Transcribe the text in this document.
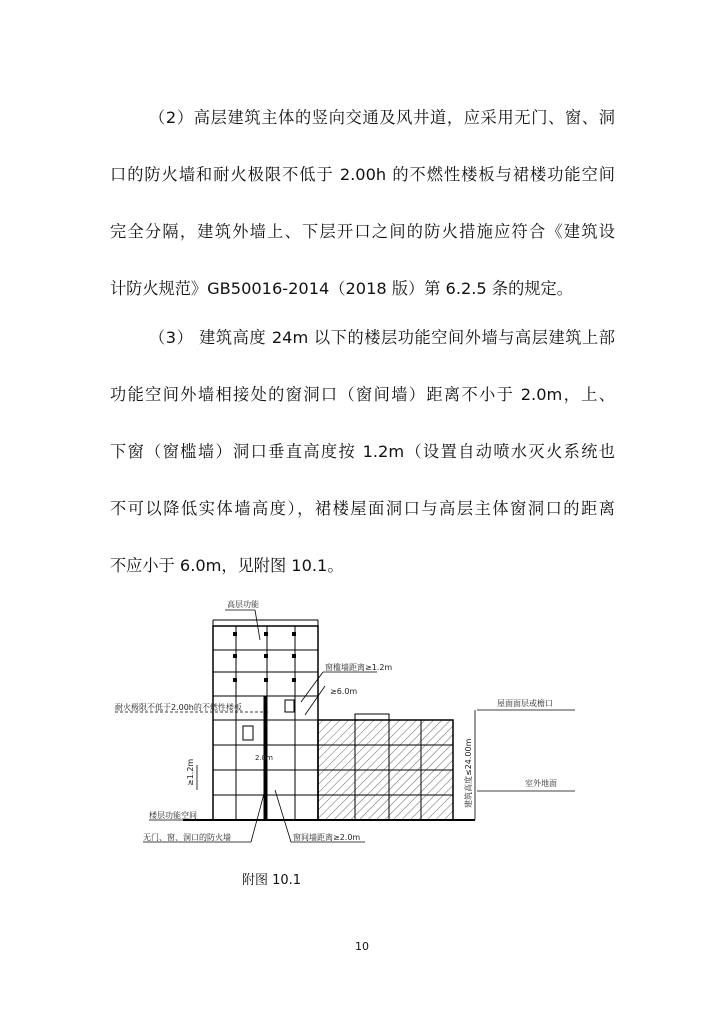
（2）高层建筑主体的竖向交通及风井道，应采用无门、窗、洞
口的防火墙和耐火极限不低于 2.00h 的不燃性楼板与裙楼功能空间
完全分隔，建筑外墙上、下层开口之间的防火措施应符合《建筑设
计防火规范》GB50016-2014（2018 版）第 6.2.5 条的规定。
（3） 建筑高度 24m 以下的楼层功能空间外墙与高层建筑上部
功能空间外墙相接处的窗洞口（窗间墙）距离不小于 2.0m，上、
下窗（窗槛墙）洞口垂直高度按 1.2m（设置自动喷水灭火系统也
不可以降低实体墙高度），裙楼屋面洞口与高层主体窗洞口的距离
不应小于 6.0m，见附图 10.1。
高层功能
窗槛墙距离≥1.2m
≥6.0m
耐火极限不低于2.00h的不燃性楼板
2.0m
≥1.2m
屋面面层或檐口
建筑高度≤24.00m	室外地面
楼层功能空间
无门、窗、洞口的防火墙	窗间墙距离≥2.0m
附图 10.1
10
